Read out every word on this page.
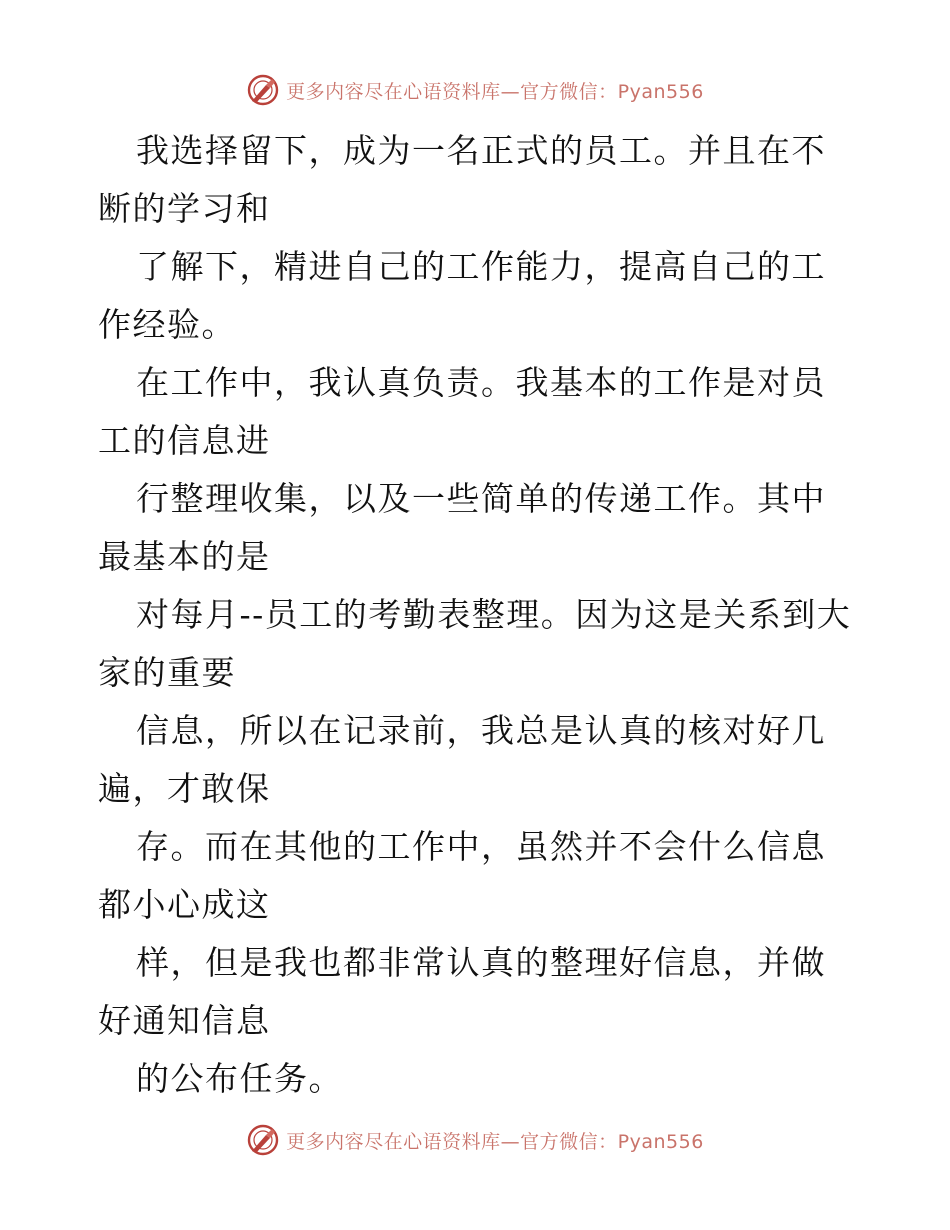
更多内容尽在心语资料库—官方微信：Pyan556

我选择留下，成为一名正式的员工。并且在不断的学习和

了解下，精进自己的工作能力，提高自己的工作经验。

在工作中，我认真负责。我基本的工作是对员工的信息进

行整理收集，以及一些简单的传递工作。其中最基本的是

对每月--员工的考勤表整理。因为这是关系到大家的重要

信息，所以在记录前，我总是认真的核对好几 遍，才敢保

存。而在其他的工作中，虽然并不会什么信息都小心成这

样，但是我也都非常认真的整理好信息，并做好通知信息

的公布任务。

更多内容尽在心语资料库—官方微信：Pyan556
